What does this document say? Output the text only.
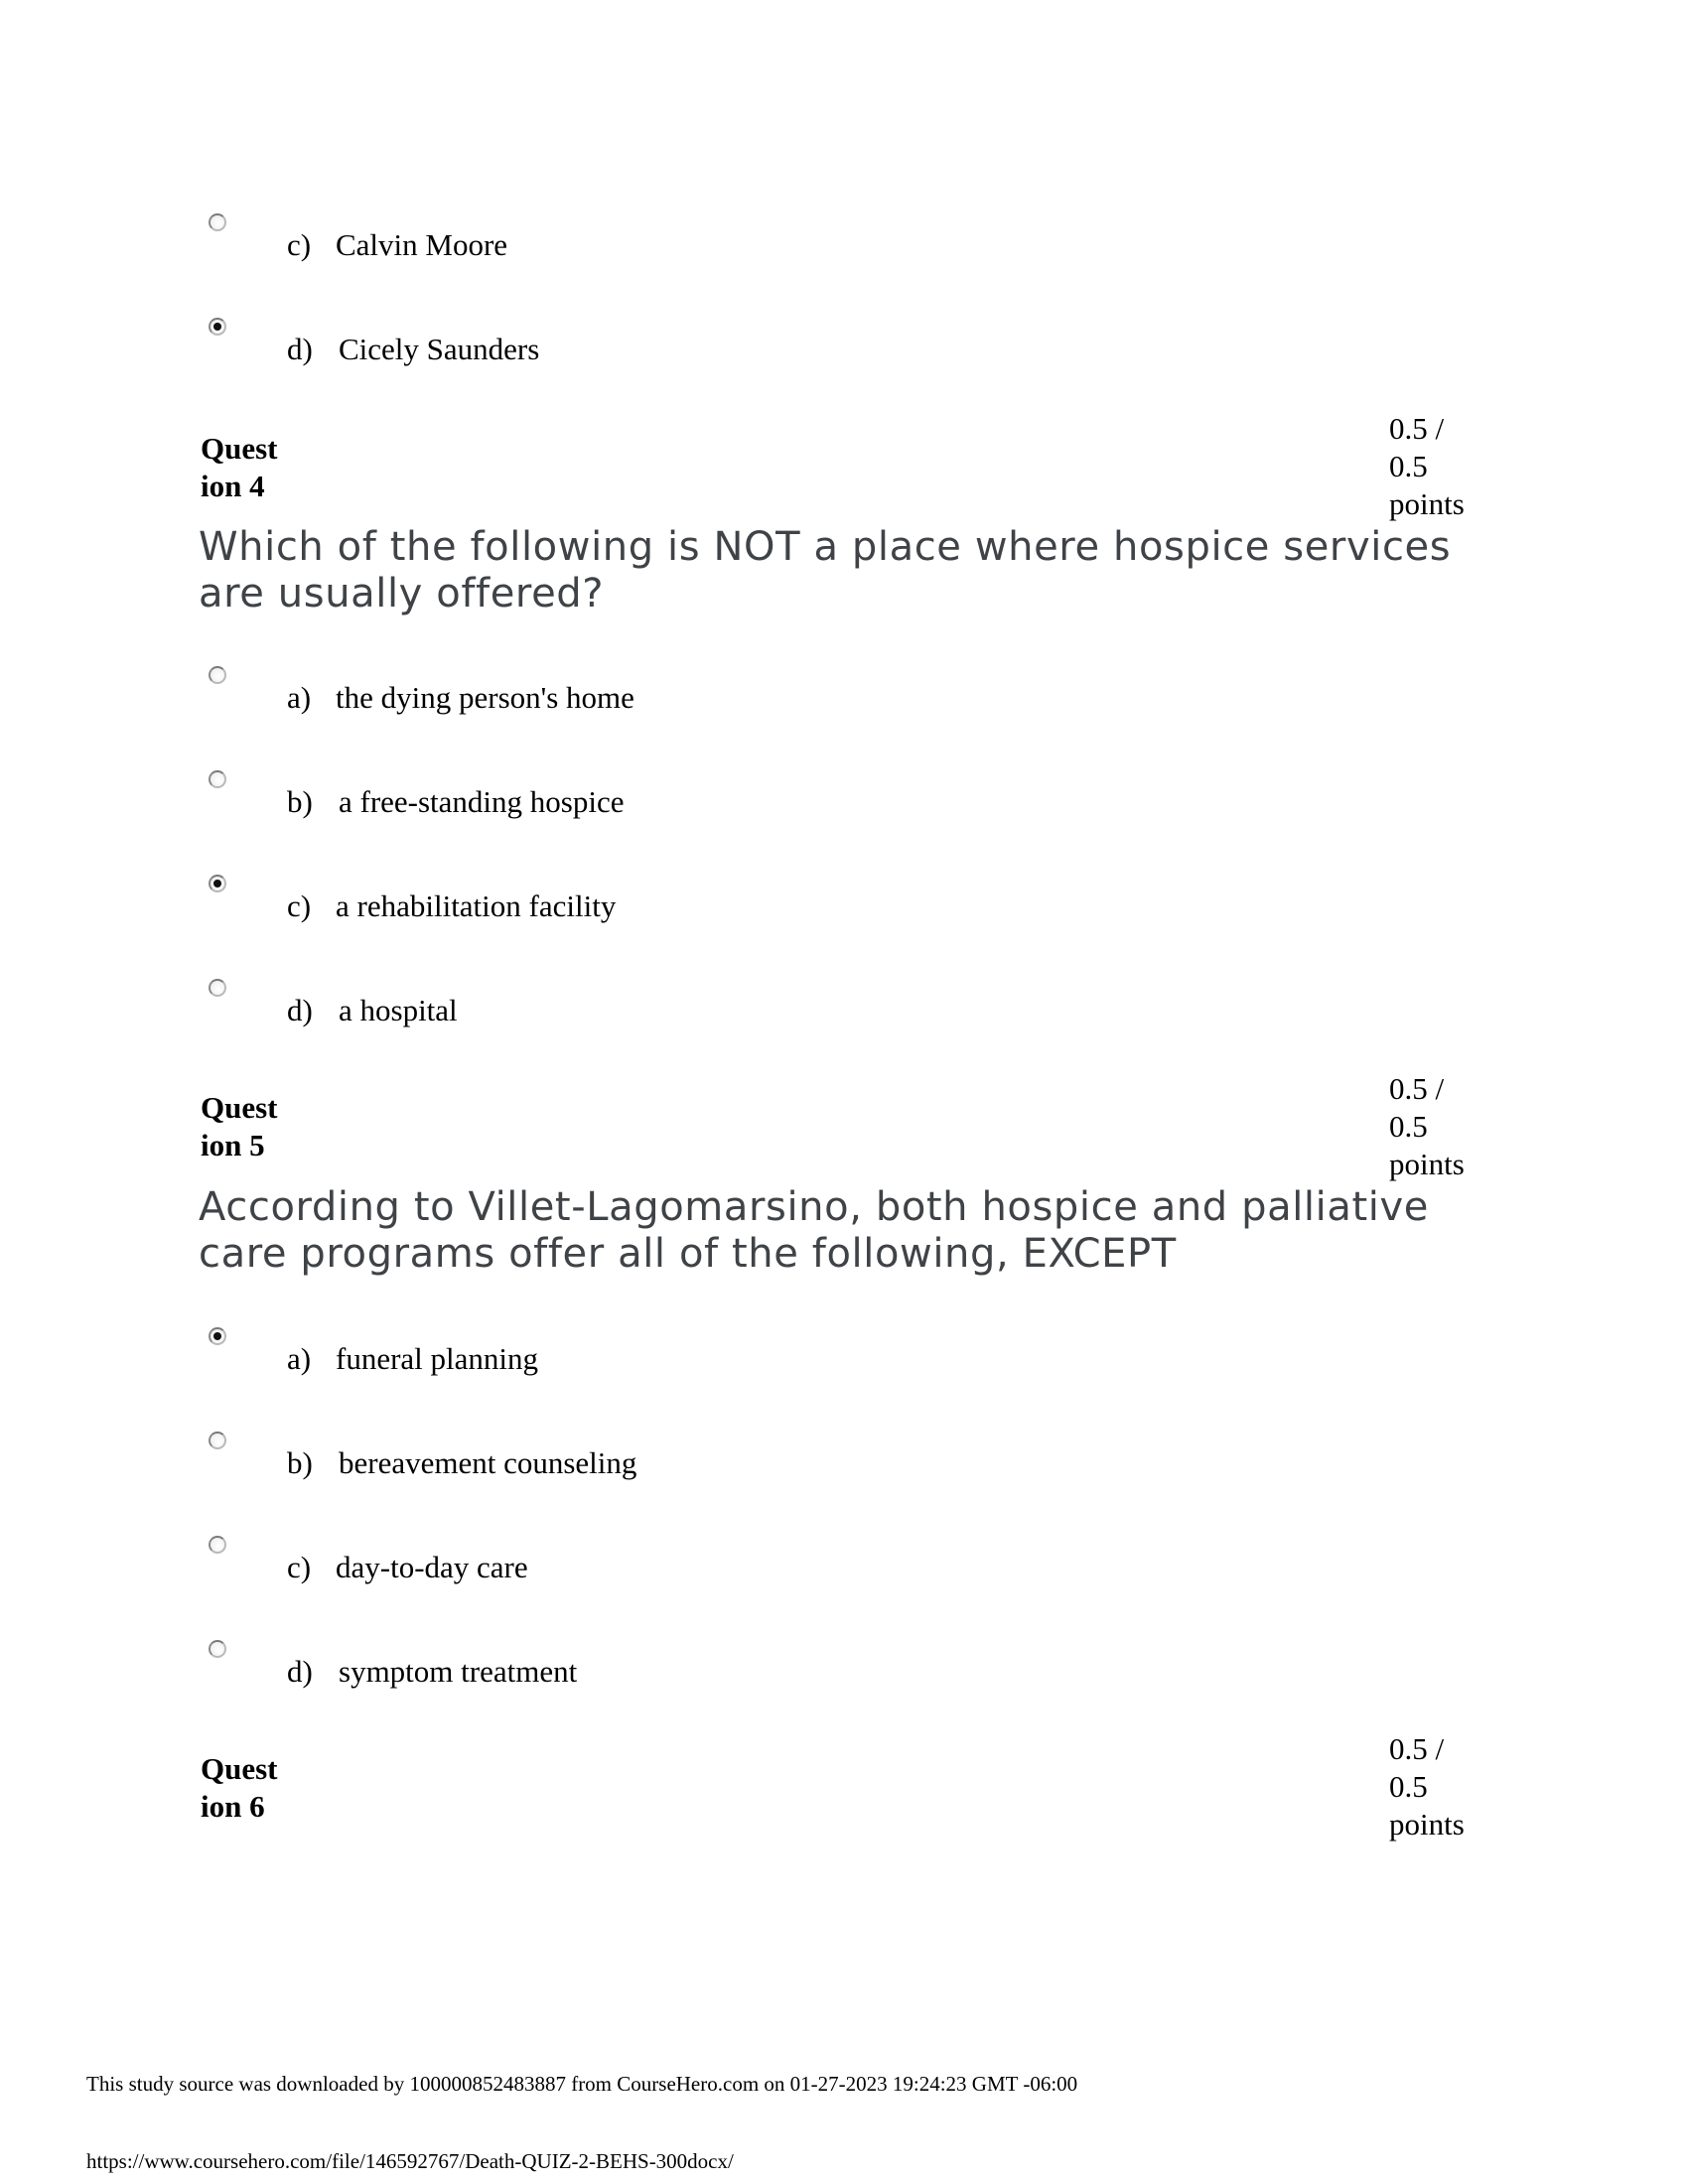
c) Calvin Moore
d) Cicely Saunders
Quest
ion 4
0.5 /
0.5
points
Which of the following is NOT a place where hospice services
are usually offered?
a) the dying person's home
b) a free-standing hospice
c) a rehabilitation facility
d) a hospital
Quest
ion 5
0.5 /
0.5
points
According to Villet-Lagomarsino, both hospice and palliative
care programs offer all of the following, EXCEPT
a) funeral planning
b) bereavement counseling
c) day-to-day care
d) symptom treatment
Quest
ion 6
0.5 /
0.5
points
This study source was downloaded by 100000852483887 from CourseHero.com on 01-27-2023 19:24:23 GMT -06:00
https://www.coursehero.com/file/146592767/Death-QUIZ-2-BEHS-300docx/
